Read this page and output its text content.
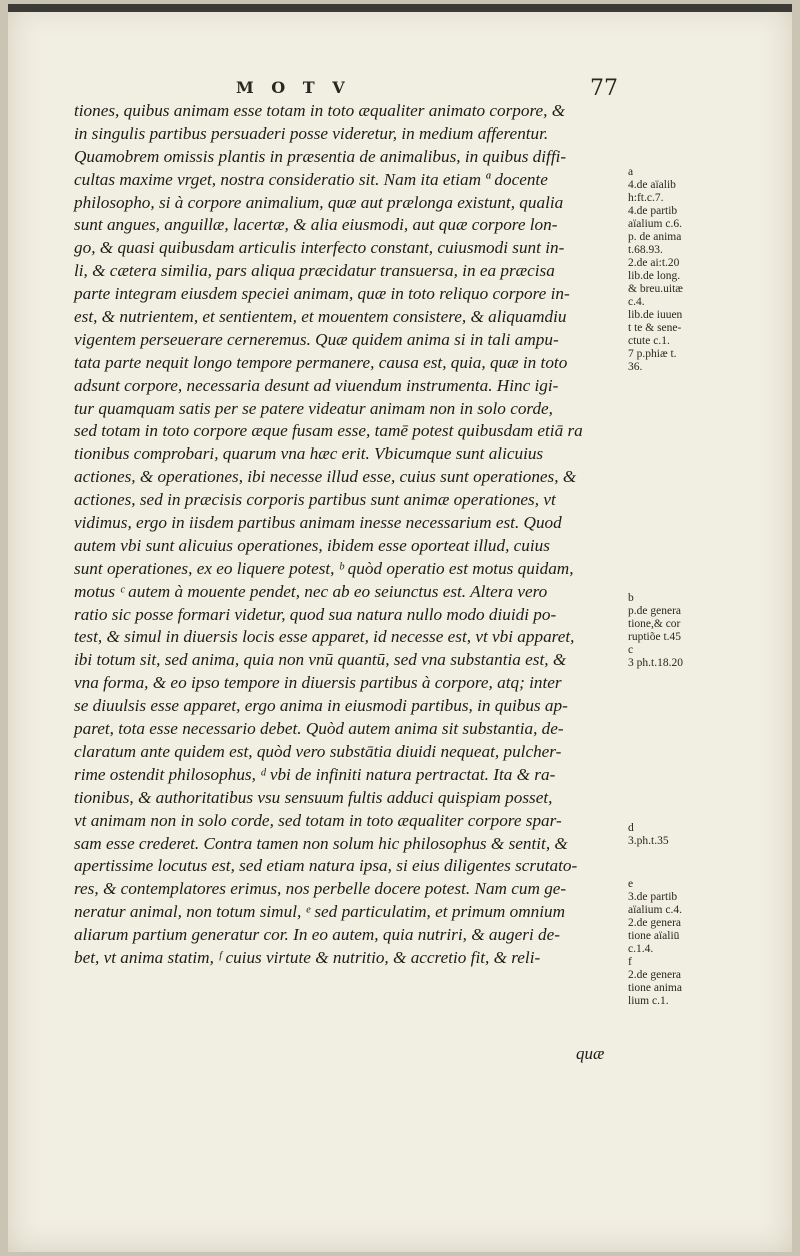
M O T V	77
tiones, quibus animam esse totam in toto æqualiter animato corpore, &
in singulis partibus persuaderi posse videretur, in medium afferentur.
Quamobrem omissis plantis in præsentia de animalibus, in quibus diffi-
cultas maxime vrget, nostra consideratio sit. Nam ita etiam ª docente
philosopho, si à corpore animalium, quæ aut prælonga existunt, qualia
sunt angues, anguillæ, lacertæ, & alia eiusmodi, aut quæ corpore lon-
go, & quasi quibusdam articulis interfecto constant, cuiusmodi sunt in-
li, & cætera similia, pars aliqua præcidatur transuersa, in ea præcisa
parte integram eiusdem speciei animam, quæ in toto reliquo corpore in-
est, & nutrientem, et sentientem, et mouentem consistere, & aliquamdiu
vigentem perseuerare cerneremus. Quæ quidem anima si in tali ampu-
tata parte nequit longo tempore permanere, causa est, quia, quæ in toto
adsunt corpore, necessaria desunt ad viuendum instrumenta. Hinc igi-
tur quamquam satis per se patere videatur animam non in solo corde,
sed totam in toto corpore æque fusam esse, tamē potest quibusdam etiā ra
tionibus comprobari, quarum vna hæc erit. Vbicumque sunt alicuius
actiones, & operationes, ibi necesse illud esse, cuius sunt operationes, &
actiones, sed in præcisis corporis partibus sunt animæ operationes, vt
vidimus, ergo in iisdem partibus animam inesse necessarium est. Quod
autem vbi sunt alicuius operationes, ibidem esse oporteat illud, cuius
sunt operationes, ex eo liquere potest, ᵇ quòd operatio est motus quidam,
motus ᶜ autem à mouente pendet, nec ab eo seiunctus est. Altera vero
ratio sic posse formari videtur, quod sua natura nullo modo diuidi po-
test, & simul in diuersis locis esse apparet, id necesse est, vt vbi apparet,
ibi totum sit, sed anima, quia non vnū quantū, sed vna substantia est, &
vna forma, & eo ipso tempore in diuersis partibus à corpore, atq; inter
se diuulsis esse apparet, ergo anima in eiusmodi partibus, in quibus ap-
paret, tota esse necessario debet. Quòd autem anima sit substantia, de-
claratum ante quidem est, quòd vero substātia diuidi nequeat, pulcher-
rime ostendit philosophus, ᵈ vbi de infiniti natura pertractat. Ita & ra-
tionibus, & authoritatibus vsu sensuum fultis adduci quispiam posset,
vt animam non in solo corde, sed totam in toto æqualiter corpore spar-
sam esse crederet. Contra tamen non solum hic philosophus & sentit, &
apertissime locutus est, sed etiam natura ipsa, si eius diligentes scrutato-
res, & contemplatores erimus, nos perbelle docere potest. Nam cum ge-
neratur animal, non totum simul, ᵉ sed particulatim, et primum omnium
aliarum partium generatur cor. In eo autem, quia nutriri, & augeri de-
bet, vt anima statim, ᶠ cuius virtute & nutritio, & accretio fit, & reli-
quæ
a
4.de aïalib
h:ft.c.7.
4.de partib
aïalium c.6.
p. de anima
t.68.93.
2.de ai:t.20
lib.de long.
& breu.uitæ
c.4.
lib.de iuuen
t te & sene-
ctute c.1.
7 p.phiæ t.
36.
b
p.de genera
tione,& cor
ruptiõe t.45
c
3 ph.t.18.20
d
3.ph.t.35
e
3.de partib
aïalium c.4.
2.de genera
tione aïaliū
c.1.4.
f
2.de genera
tione anima
lium c.1.
